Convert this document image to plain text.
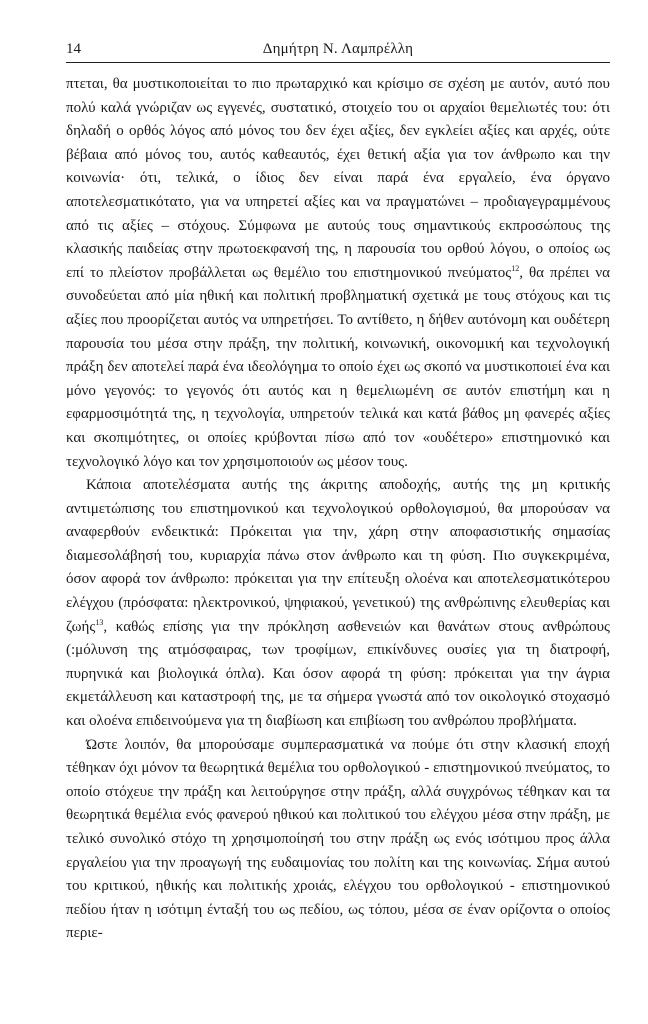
14	Δημήτρη Ν. Λαμπρέλλη

πτεται, θα μυστικοποιείται το πιο πρωταρχικό και κρίσιμο σε σχέση με αυτόν, αυτό που πολύ καλά γνώριζαν ως εγγενές, συστατικό, στοιχείο του οι αρχαίοι θεμελιωτές του: ότι δηλαδή ο ορθός λόγος από μόνος του δεν έχει αξίες, δεν εγκλείει αξίες και αρχές, ούτε βέβαια από μόνος του, αυτός καθεαυτός, έχει θετική αξία για τον άνθρωπο και την κοινωνία· ότι, τελικά, ο ίδιος δεν είναι παρά ένα εργαλείο, ένα όργανο αποτελεσματικότατο, για να υπηρετεί αξίες και να πραγματώνει – προδιαγεγραμμένους από τις αξίες – στόχους. Σύμφωνα με αυτούς τους σημαντικούς εκπροσώπους της κλασικής παιδείας στην πρωτοεκφανσή της, η παρουσία του ορθού λόγου, ο οποίος ως επί το πλείστον προβάλλεται ως θεμέλιο του επιστημονικού πνεύματος$^{12}$, θα πρέπει να συνοδεύεται από μία ηθική και πολιτική προβληματική σχετικά με τους στόχους και τις αξίες που προορίζεται αυτός να υπηρετήσει. Το αντίθετο, η δήθεν αυτόνομη και ουδέτερη παρουσία του μέσα στην πράξη, την πολιτική, κοινωνική, οικονομική και τεχνολογική πράξη δεν αποτελεί παρά ένα ιδεολόγημα το οποίο έχει ως σκοπό να μυστικοποιεί ένα και μόνο γεγονός: το γεγονός ότι αυτός και η θεμελιωμένη σε αυτόν επιστήμη και η εφαρμοσιμότητά της, η τεχνολογία, υπηρετούν τελικά και κατά βάθος μη φανερές αξίες και σκοπιμότητες, οι οποίες κρύβονται πίσω από τον «ουδέτερο» επιστημονικό και τεχνολογικό λόγο και τον χρησιμοποιούν ως μέσον τους.

Κάποια αποτελέσματα αυτής της άκριτης αποδοχής, αυτής της μη κριτικής αντιμετώπισης του επιστημονικού και τεχνολογικού ορθολογισμού, θα μπορούσαν να αναφερθούν ενδεικτικά: Πρόκειται για την, χάρη στην αποφασιστικής σημασίας διαμεσολάβησή του, κυριαρχία πάνω στον άνθρωπο και τη φύση. Πιο συγκεκριμένα, όσον αφορά τον άνθρωπο: πρόκειται για την επίτευξη ολοένα και αποτελεσματικότερου ελέγχου (πρόσφατα: ηλεκτρονικού, ψηφιακού, γενετικού) της ανθρώπινης ελευθερίας και ζωής$^{13}$, καθώς επίσης για την πρόκληση ασθενειών και θανάτων στους ανθρώπους (:μόλυνση της ατμόσφαιρας, των τροφίμων, επικίνδυνες ουσίες για τη διατροφή, πυρηνικά και βιολογικά όπλα). Και όσον αφορά τη φύση: πρόκειται για την άγρια εκμετάλλευση και καταστροφή της, με τα σήμερα γνωστά από τον οικολογικό στοχασμό και ολοένα επιδεινούμενα για τη διαβίωση και επιβίωση του ανθρώπου προβλήματα.

Ώστε λοιπόν, θα μπορούσαμε συμπερασματικά να πούμε ότι στην κλασική εποχή τέθηκαν όχι μόνον τα θεωρητικά θεμέλια του ορθολογικού - επιστημονικού πνεύματος, το οποίο στόχευε την πράξη και λειτούργησε στην πράξη, αλλά συγχρόνως τέθηκαν και τα θεωρητικά θεμέλια ενός φανερού ηθικού και πολιτικού του ελέγχου μέσα στην πράξη, με τελικό συνολικό στόχο τη χρησιμοποίησή του στην πράξη ως ενός ισότιμου προς άλλα εργαλείου για την προαγωγή της ευδαιμονίας του πολίτη και της κοινωνίας. Σήμα αυτού του κριτικού, ηθικής και πολιτικής χροιάς, ελέγχου του ορθολογικού - επιστημονικού πεδίου ήταν η ισότιμη ένταξή του ως πεδίου, ως τόπου, μέσα σε έναν ορίζοντα ο οποίος περιε-
